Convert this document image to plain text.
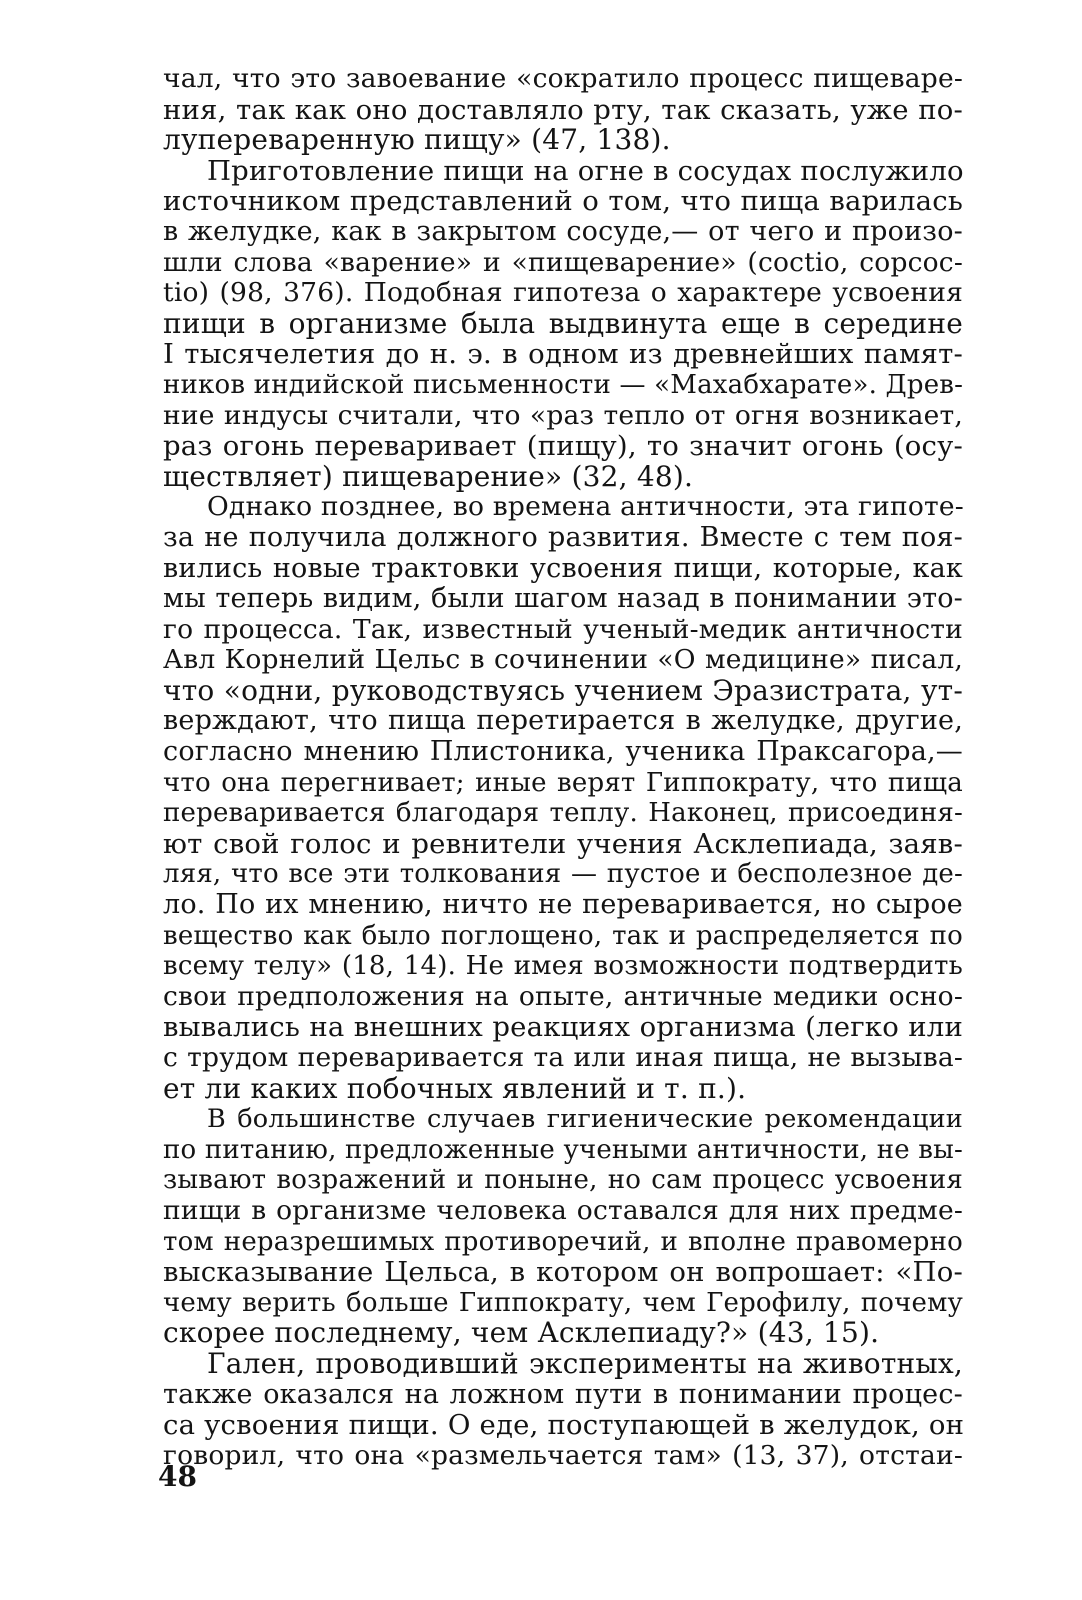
чал, что это завоевание «сократило процесс пищеваре-
ния, так как оно доставляло рту, так сказать, уже по-
лупереваренную пищу» (47, 138).
Приготовление пищи на огне в сосудах послужило
источником представлений о том, что пища варилась
в желудке, как в закрытом сосуде,— от чего и произо-
шли слова «варение» и «пищеварение» (coctio, copcoc-
tio) (98, 376). Подобная гипотеза о характере усвоения
пищи в организме была выдвинута еще в середине
I тысячелетия до н. э. в одном из древнейших памят-
ников индийской письменности — «Махабхарате». Древ-
ние индусы считали, что «раз тепло от огня возникает,
раз огонь переваривает (пищу), то значит огонь (осу-
ществляет) пищеварение» (32, 48).
Однако позднее, во времена античности, эта гипоте-
за не получила должного развития. Вместе с тем поя-
вились новые трактовки усвоения пищи, которые, как
мы теперь видим, были шагом назад в понимании это-
го процесса. Так, известный ученый-медик античности
Авл Корнелий Цельс в сочинении «О медицине» писал,
что «одни, руководствуясь учением Эразистрата, ут-
верждают, что пища перетирается в желудке, другие,
согласно мнению Плистоника, ученика Праксагора,—
что она перегнивает; иные верят Гиппократу, что пища
переваривается благодаря теплу. Наконец, присоединя-
ют свой голос и ревнители учения Асклепиада, заяв-
ляя, что все эти толкования — пустое и бесполезное де-
ло. По их мнению, ничто не переваривается, но сырое
вещество как было поглощено, так и распределяется по
всему телу» (18, 14). Не имея возможности подтвердить
свои предположения на опыте, античные медики осно-
вывались на внешних реакциях организма (легко или
с трудом переваривается та или иная пища, не вызыва-
ет ли каких побочных явлений и т. п.).
В большинстве случаев гигиенические рекомендации
по питанию, предложенные учеными античности, не вы-
зывают возражений и поныне, но сам процесс усвоения
пищи в организме человека оставался для них предме-
том неразрешимых противоречий, и вполне правомерно
высказывание Цельса, в котором он вопрошает: «По-
чему верить больше Гиппократу, чем Герофилу, почему
скорее последнему, чем Асклепиаду?» (43, 15).
Гален, проводивший эксперименты на животных,
также оказался на ложном пути в понимании процес-
са усвоения пищи. О еде, поступающей в желудок, он
говорил, что она «размельчается там» (13, 37), отстаи-
48
